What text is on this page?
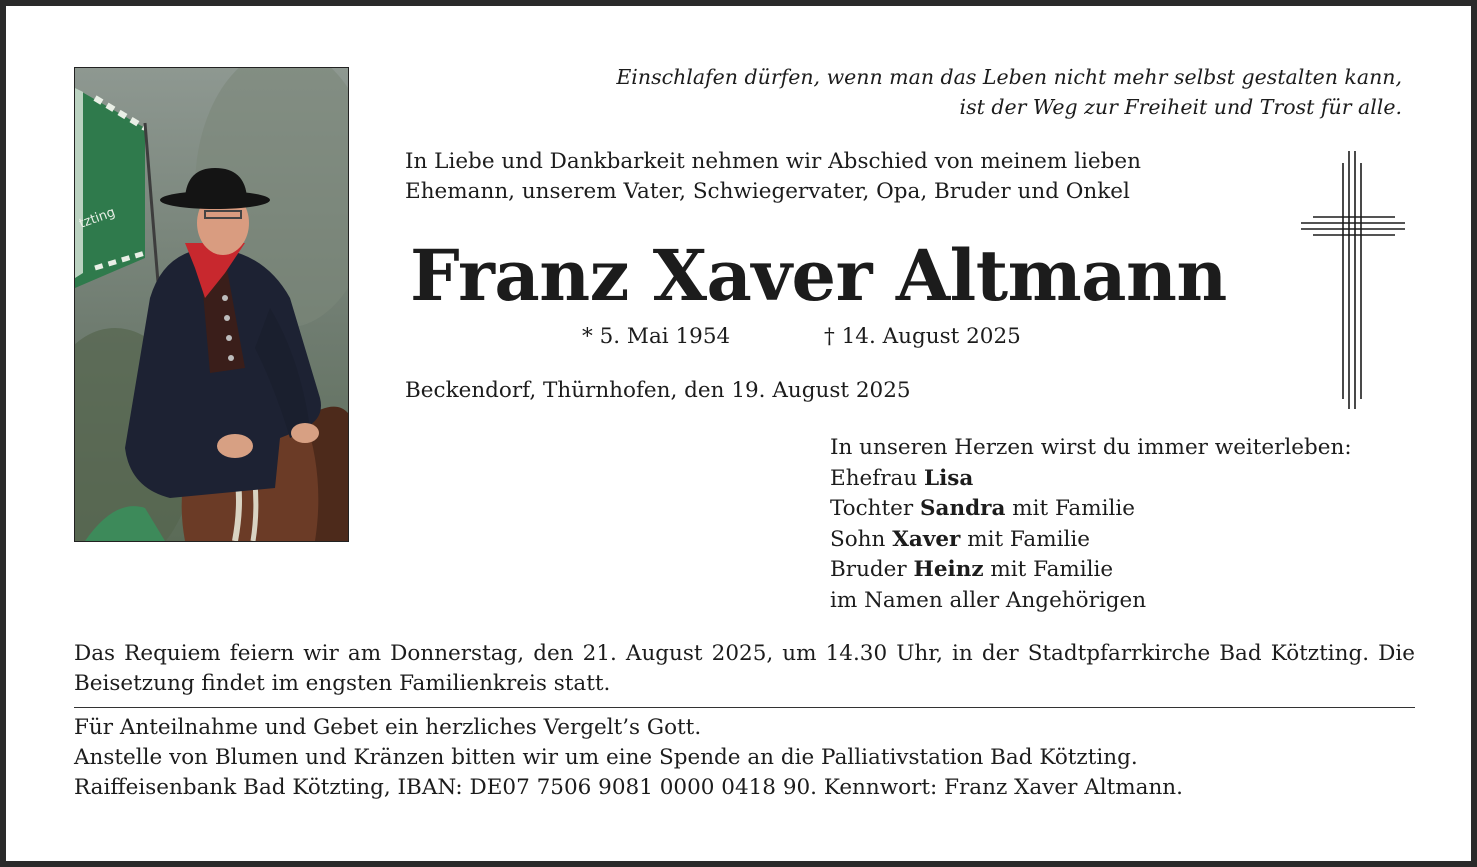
tzting
Einschlafen dürfen, wenn man das Leben nicht mehr selbst gestalten kann,
ist der Weg zur Freiheit und Trost für alle.
In Liebe und Dankbarkeit nehmen wir Abschied von meinem lieben
Ehemann, unserem Vater, Schwiegervater, Opa, Bruder und Onkel
Franz Xaver Altmann
* 5. Mai 1954	† 14. August 2025
Beckendorf, Thürnhofen, den 19. August 2025
In unseren Herzen wirst du immer weiterleben:
Ehefrau Lisa
Tochter Sandra mit Familie
Sohn Xaver mit Familie
Bruder Heinz mit Familie
im Namen aller Angehörigen
Das Requiem feiern wir am Donnerstag, den 21. August 2025, um 14.30 Uhr, in der Stadtpfarrkirche Bad Kötzting. Die Beisetzung findet im engsten Familienkreis statt.
Für Anteilnahme und Gebet ein herzliches Vergelt’s Gott.
Anstelle von Blumen und Kränzen bitten wir um eine Spende an die Palliativstation Bad Kötzting.
Raiffeisenbank Bad Kötzting, IBAN: DE07 7506 9081 0000 0418 90. Kennwort: Franz Xaver Altmann.
